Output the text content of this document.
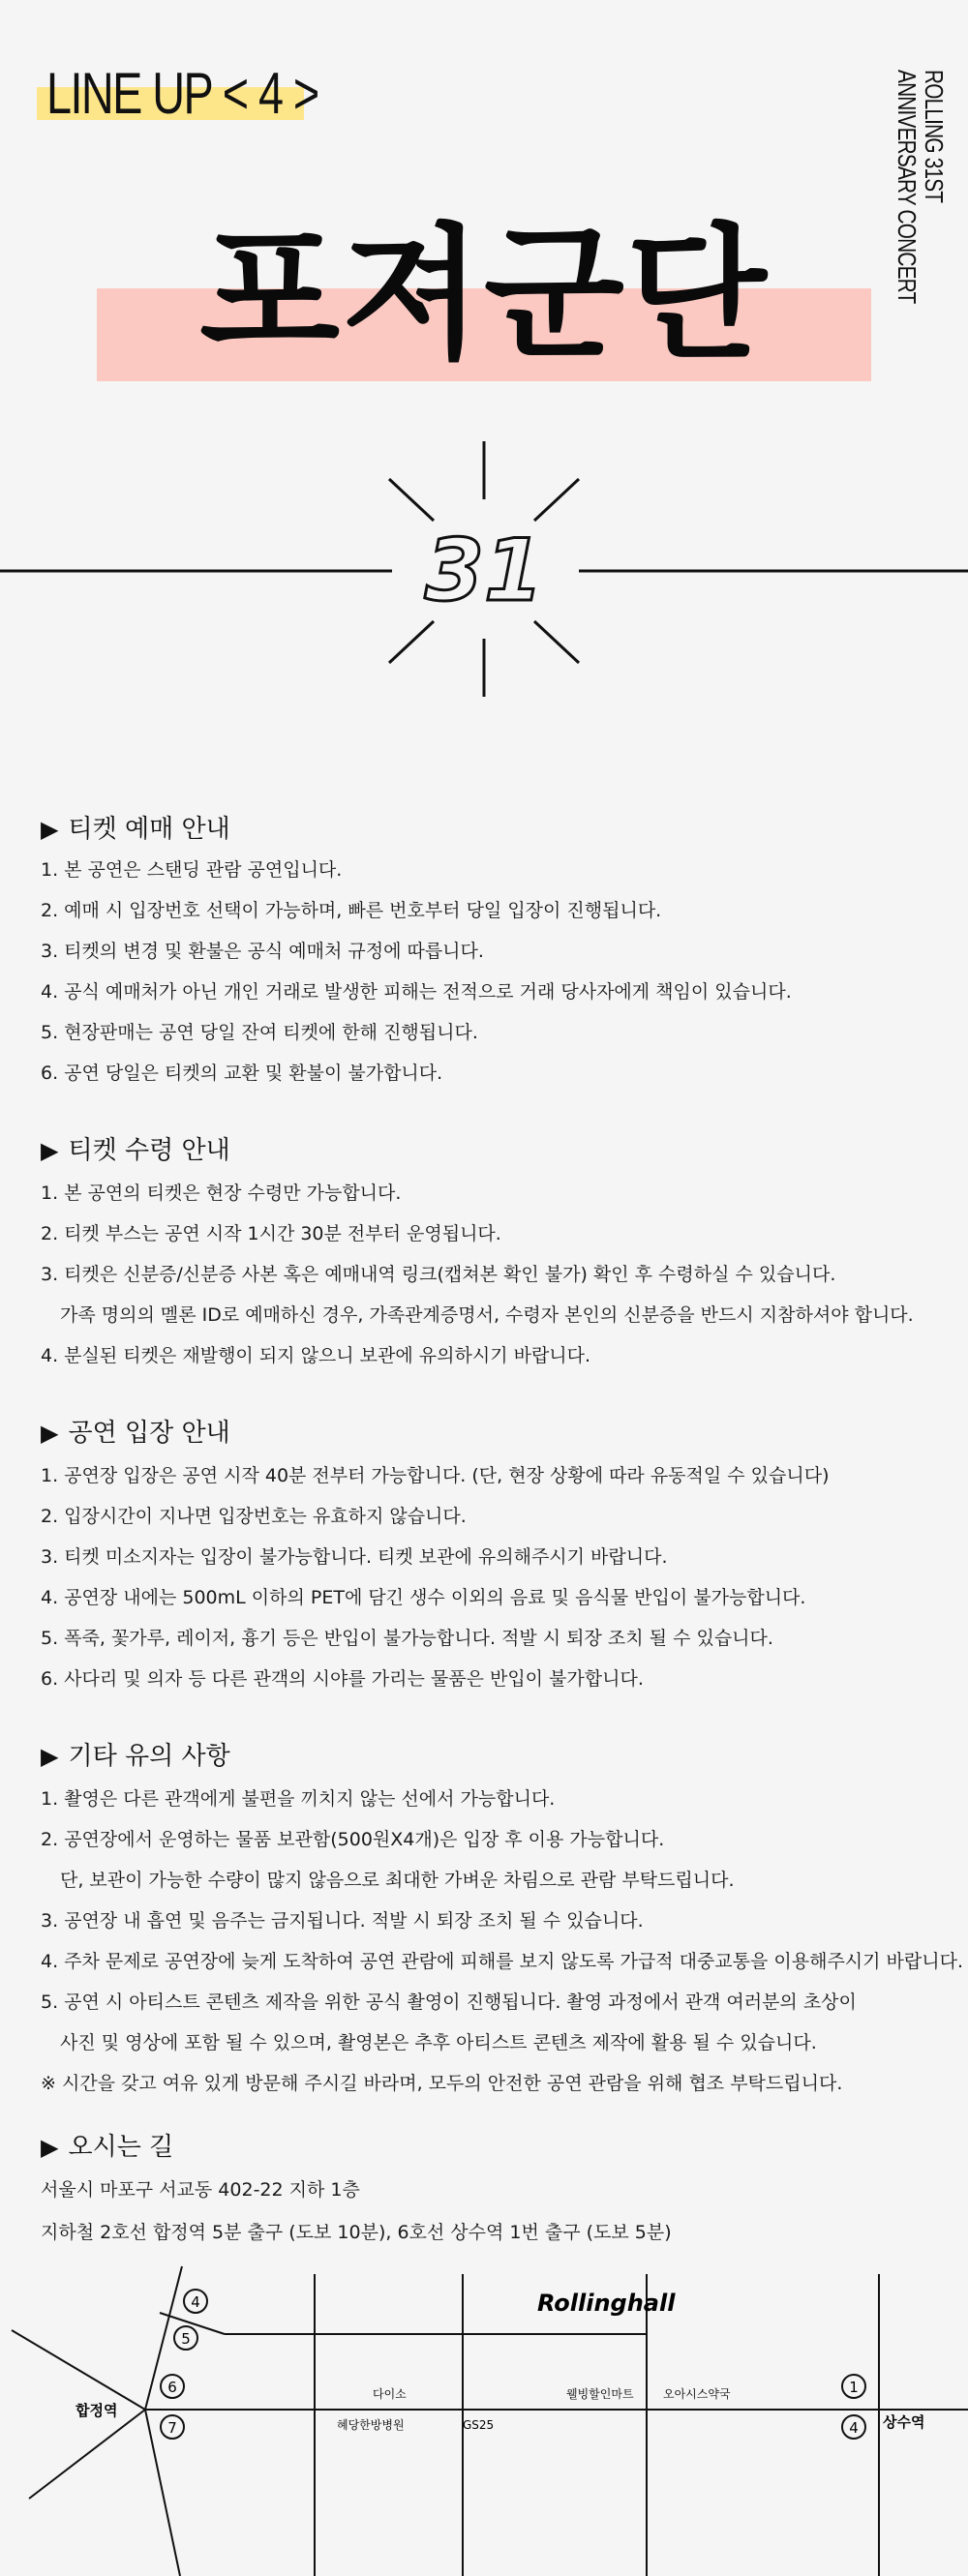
LINE UP < 4 >	ANNIVERSARY CONCERT
ROLLING 31ST
포져군단
31
▶ 티켓 예매 안내
1. 본 공연은 스탠딩 관람 공연입니다.
2. 예매 시 입장번호 선택이 가능하며, 빠른 번호부터 당일 입장이 진행됩니다.
3. 티켓의 변경 및 환불은 공식 예매처 규정에 따릅니다.
4. 공식 예매처가 아닌 개인 거래로 발생한 피해는 전적으로 거래 당사자에게 책임이 있습니다.
5. 현장판매는 공연 당일 잔여 티켓에 한해 진행됩니다.
6. 공연 당일은 티켓의 교환 및 환불이 불가합니다.
▶ 티켓 수령 안내
1. 본 공연의 티켓은 현장 수령만 가능합니다.
2. 티켓 부스는 공연 시작 1시간 30분 전부터 운영됩니다.
3. 티켓은 신분증/신분증 사본 혹은 예매내역 링크(캡쳐본 확인 불가) 확인 후 수령하실 수 있습니다.
가족 명의의 멜론 ID로 예매하신 경우, 가족관계증명서, 수령자 본인의 신분증을 반드시 지참하셔야 합니다.
4. 분실된 티켓은 재발행이 되지 않으니 보관에 유의하시기 바랍니다.
▶ 공연 입장 안내
1. 공연장 입장은 공연 시작 40분 전부터 가능합니다. (단, 현장 상황에 따라 유동적일 수 있습니다)
2. 입장시간이 지나면 입장번호는 유효하지 않습니다.
3. 티켓 미소지자는 입장이 불가능합니다. 티켓 보관에 유의해주시기 바랍니다.
4. 공연장 내에는 500mL 이하의 PET에 담긴 생수 이외의 음료 및 음식물 반입이 불가능합니다.
5. 폭죽, 꽃가루, 레이저, 흉기 등은 반입이 불가능합니다. 적발 시 퇴장 조치 될 수 있습니다.
6. 사다리 및 의자 등 다른 관객의 시야를 가리는 물품은 반입이 불가합니다.
▶ 기타 유의 사항
1. 촬영은 다른 관객에게 불편을 끼치지 않는 선에서 가능합니다.
2. 공연장에서 운영하는 물품 보관함(500원X4개)은 입장 후 이용 가능합니다.
단, 보관이 가능한 수량이 많지 않음으로 최대한 가벼운 차림으로 관람 부탁드립니다.
3. 공연장 내 흡연 및 음주는 금지됩니다. 적발 시 퇴장 조치 될 수 있습니다.
4. 주차 문제로 공연장에 늦게 도착하여 공연 관람에 피해를 보지 않도록 가급적 대중교통을 이용해주시기 바랍니다.
5. 공연 시 아티스트 콘텐츠 제작을 위한 공식 촬영이 진행됩니다. 촬영 과정에서 관객 여러분의 초상이
사진 및 영상에 포함 될 수 있으며, 촬영본은 추후 아티스트 콘텐츠 제작에 활용 될 수 있습니다.
※ 시간을 갖고 여유 있게 방문해 주시길 바라며, 모두의 안전한 공연 관람을 위해 협조 부탁드립니다.
▶ 오시는 길
서울시 마포구 서교동 402-22 지하 1층
지하철 2호선 합정역 5분 출구 (도보 10분), 6호선 상수역 1번 출구 (도보 5분)
Rollinghall
다이소	웰빙할인마트	오아시스약국
혜당한방병원	GS25
합정역
상수역
4
5
6
7
1
4
